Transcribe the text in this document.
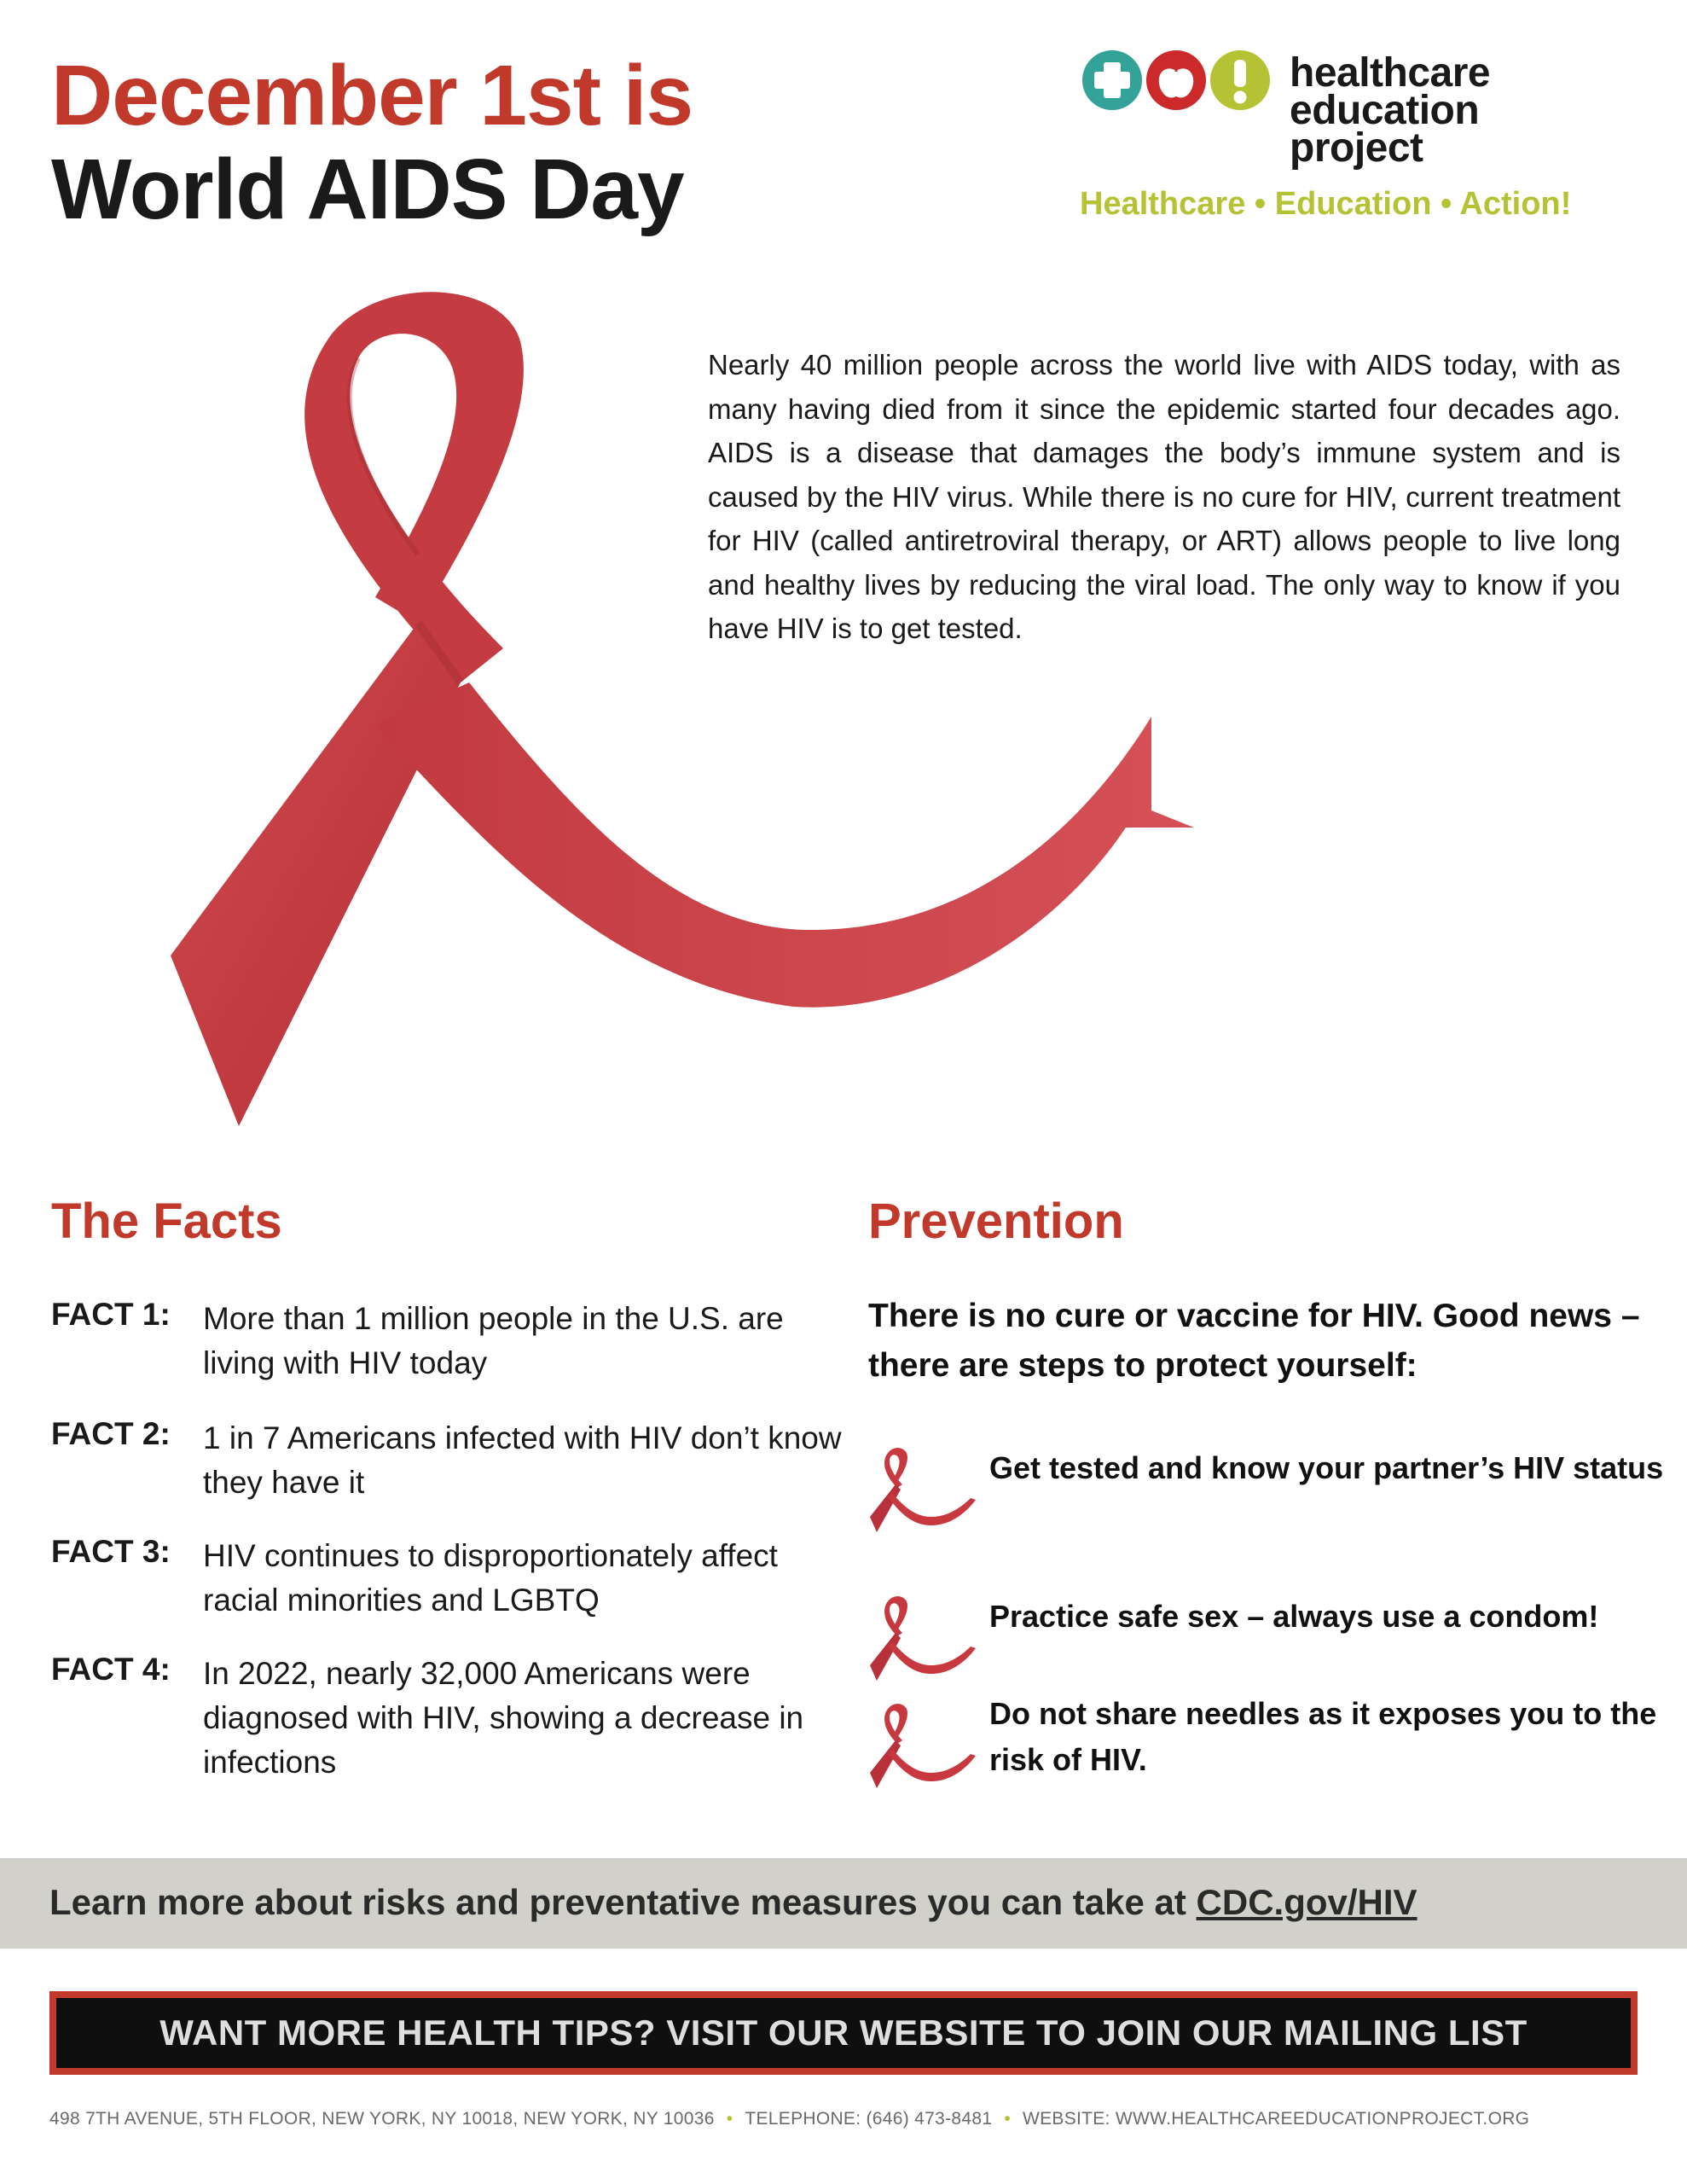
December 1st is
World AIDS Day
healthcare
education
project
Healthcare • Education • Action!
Nearly 40 million people across the world live with AIDS today, with as many having died from it since the epidemic started four decades ago. AIDS is a disease that damages the body’s immune system and is caused by the HIV virus. While there is no cure for HIV, current treatment for HIV (called antiretroviral therapy, or ART) allows people to live long and healthy lives by reducing the viral load. The only way to know if you have HIV is to get tested.
The Facts
FACT 1: More than 1 million people in the U.S. are living with HIV today
FACT 2: 1 in 7 Americans infected with HIV don’t know they have it
FACT 3: HIV continues to disproportionately affect racial minorities and LGBTQ
FACT 4: In 2022, nearly 32,000 Americans were diagnosed with HIV, showing a decrease in infections
Prevention
There is no cure or vaccine for HIV. Good news – there are steps to protect yourself:
Get tested and know your partner’s HIV status
Practice safe sex – always use a condom!
Do not share needles as it exposes you to the risk of HIV.
Learn more about risks and preventative measures you can take at CDC.gov/HIV
WANT MORE HEALTH TIPS? VISIT OUR WEBSITE TO JOIN OUR MAILING LIST
498 7TH AVENUE, 5TH FLOOR, NEW YORK, NY 10018, NEW YORK, NY 10036 • TELEPHONE: (646) 473-8481 • WEBSITE: WWW.HEALTHCAREEDUCATIONPROJECT.ORG
